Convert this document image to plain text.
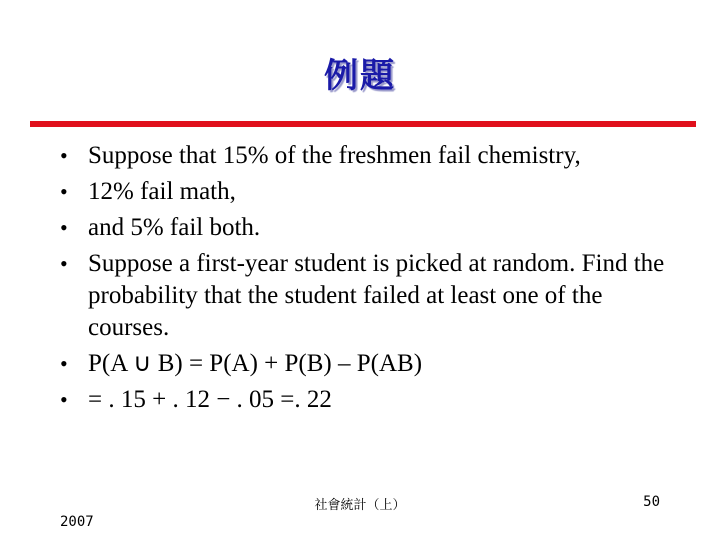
例題
• Suppose that 15% of the freshmen fail chemistry,
• 12% fail math,
• and 5% fail both.
• Suppose a first‑year student is picked at random. Find the probability that the student failed at least one of the courses.
• P(A ∪ B) = P(A) + P(B) – P(AB)
• = . 15 + . 12 − . 05 =. 22
社會統計（上）
2007
50
